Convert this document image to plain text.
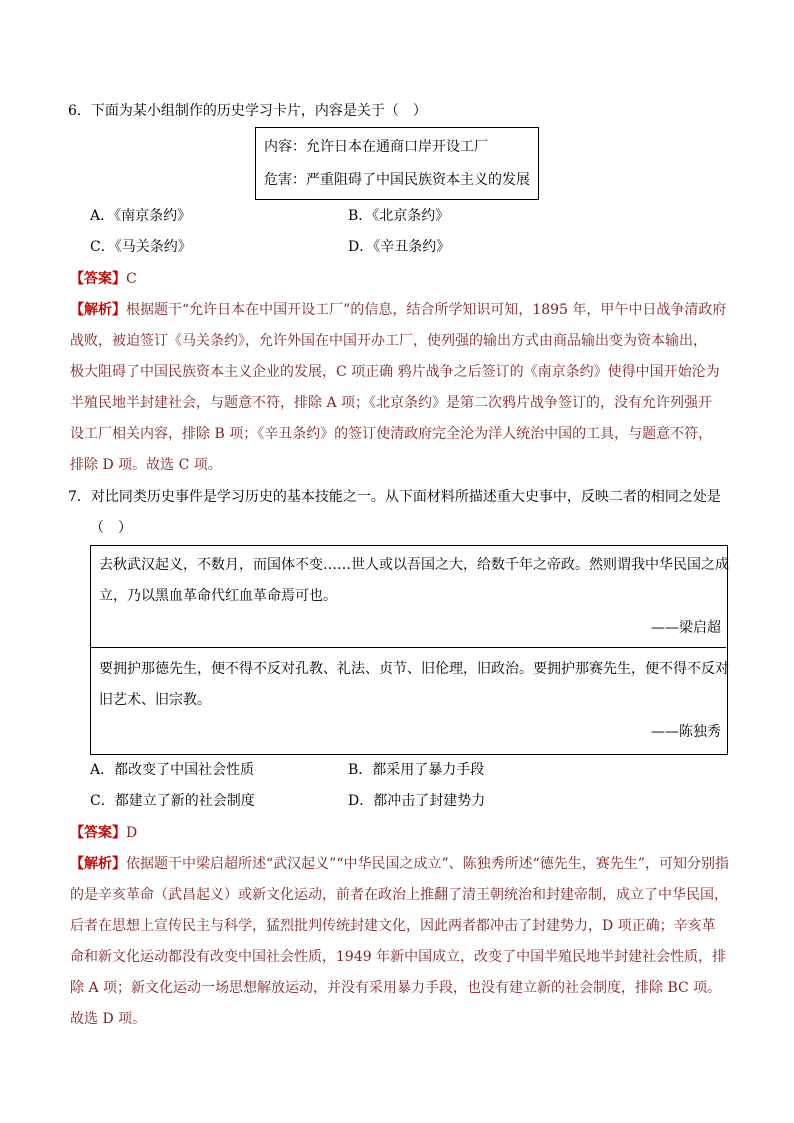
6．下面为某小组制作的历史学习卡片，内容是关于（　）
内容：允许日本在通商口岸开设工厂
危害：严重阻碍了中国民族资本主义的发展
A．《南京条约》	B．《北京条约》
C．《马关条约》	D．《辛丑条约》
【答案】C
【解析】根据题干“允许日本在中国开设工厂”的信息，结合所学知识可知，1895 年，甲午中日战争清政府
战败，被迫签订《马关条约》，允许外国在中国开办工厂，使列强的输出方式由商品输出变为资本输出，
极大阻碍了中国民族资本主义企业的发展，C 项正确 鸦片战争之后签订的《南京条约》使得中国开始沦为
半殖民地半封建社会，与题意不符，排除 A 项；《北京条约》是第二次鸦片战争签订的，没有允许列强开
设工厂相关内容，排除 B 项；《辛丑条约》的签订使清政府完全沦为洋人统治中国的工具，与题意不符，
排除 D 项。故选 C 项。
7．对比同类历史事件是学习历史的基本技能之一。从下面材料所描述重大史事中，反映二者的相同之处是
（　）
去秋武汉起义，不数月，而国体不变……世人或以吾国之大，给数千年之帝政。然则谓我中华民国之成
立，乃以黑血革命代红血革命焉可也。
——梁启超
要拥护那德先生，便不得不反对孔教、礼法、贞节、旧伦理，旧政治。要拥护那赛先生，便不得不反对
旧艺术、旧宗教。
——陈独秀
A．都改变了中国社会性质	B．都采用了暴力手段
C．都建立了新的社会制度	D．都冲击了封建势力
【答案】D
【解析】依据题干中梁启超所述“武汉起义”“中华民国之成立”、陈独秀所述“德先生，赛先生”，可知分别指
的是辛亥革命（武昌起义）或新文化运动，前者在政治上推翻了清王朝统治和封建帝制，成立了中华民国，
后者在思想上宣传民主与科学，猛烈批判传统封建文化，因此两者都冲击了封建势力，D 项正确；辛亥革
命和新文化运动都没有改变中国社会性质，1949 年新中国成立，改变了中国半殖民地半封建社会性质，排
除 A 项；新文化运动一场思想解放运动，并没有采用暴力手段，也没有建立新的社会制度，排除 BC 项。
故选 D 项。
